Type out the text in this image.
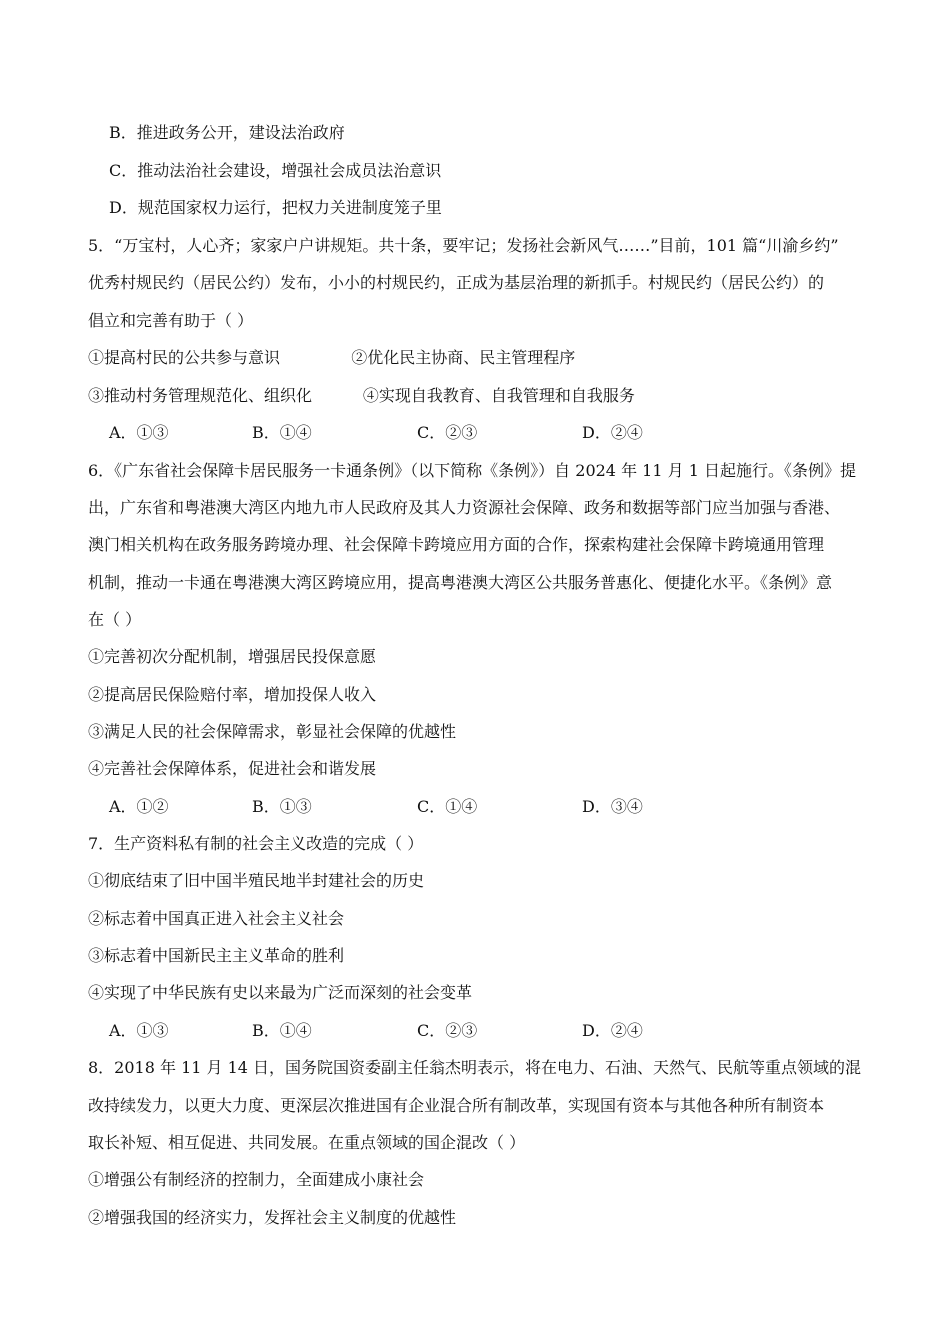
B．推进政务公开，建设法治政府
C．推动法治社会建设，增强社会成员法治意识
D．规范国家权力运行，把权力关进制度笼子里
5．“万宝村，人心齐；家家户户讲规矩。共十条，要牢记；发扬社会新风气……”目前，101 篇“川渝乡约”
优秀村规民约（居民公约）发布，小小的村规民约，正成为基层治理的新抓手。村规民约（居民公约）的
倡立和完善有助于（ ）
①提高村民的公共参与意识              ②优化民主协商、民主管理程序
③推动村务管理规范化、组织化          ④实现自我教育、自我管理和自我服务
A．①③	B．①④	C．②③	D．②④
6．《广东省社会保障卡居民服务一卡通条例》（以下简称《条例》）自 2024 年 11 月 1 日起施行。《条例》提
出，广东省和粤港澳大湾区内地九市人民政府及其人力资源社会保障、政务和数据等部门应当加强与香港、
澳门相关机构在政务服务跨境办理、社会保障卡跨境应用方面的合作，探索构建社会保障卡跨境通用管理
机制，推动一卡通在粤港澳大湾区跨境应用，提高粤港澳大湾区公共服务普惠化、便捷化水平。《条例》意
在（ ）
①完善初次分配机制，增强居民投保意愿
②提高居民保险赔付率，增加投保人收入
③满足人民的社会保障需求，彰显社会保障的优越性
④完善社会保障体系，促进社会和谐发展
A．①②	B．①③	C．①④	D．③④
7．生产资料私有制的社会主义改造的完成（ ）
①彻底结束了旧中国半殖民地半封建社会的历史
②标志着中国真正进入社会主义社会
③标志着中国新民主主义革命的胜利
④实现了中华民族有史以来最为广泛而深刻的社会变革
A．①③	B．①④	C．②③	D．②④
8．2018 年 11 月 14 日，国务院国资委副主任翁杰明表示，将在电力、石油、天然气、民航等重点领域的混
改持续发力，以更大力度、更深层次推进国有企业混合所有制改革，实现国有资本与其他各种所有制资本
取长补短、相互促进、共同发展。在重点领域的国企混改（ ）
①增强公有制经济的控制力，全面建成小康社会
②增强我国的经济实力，发挥社会主义制度的优越性
